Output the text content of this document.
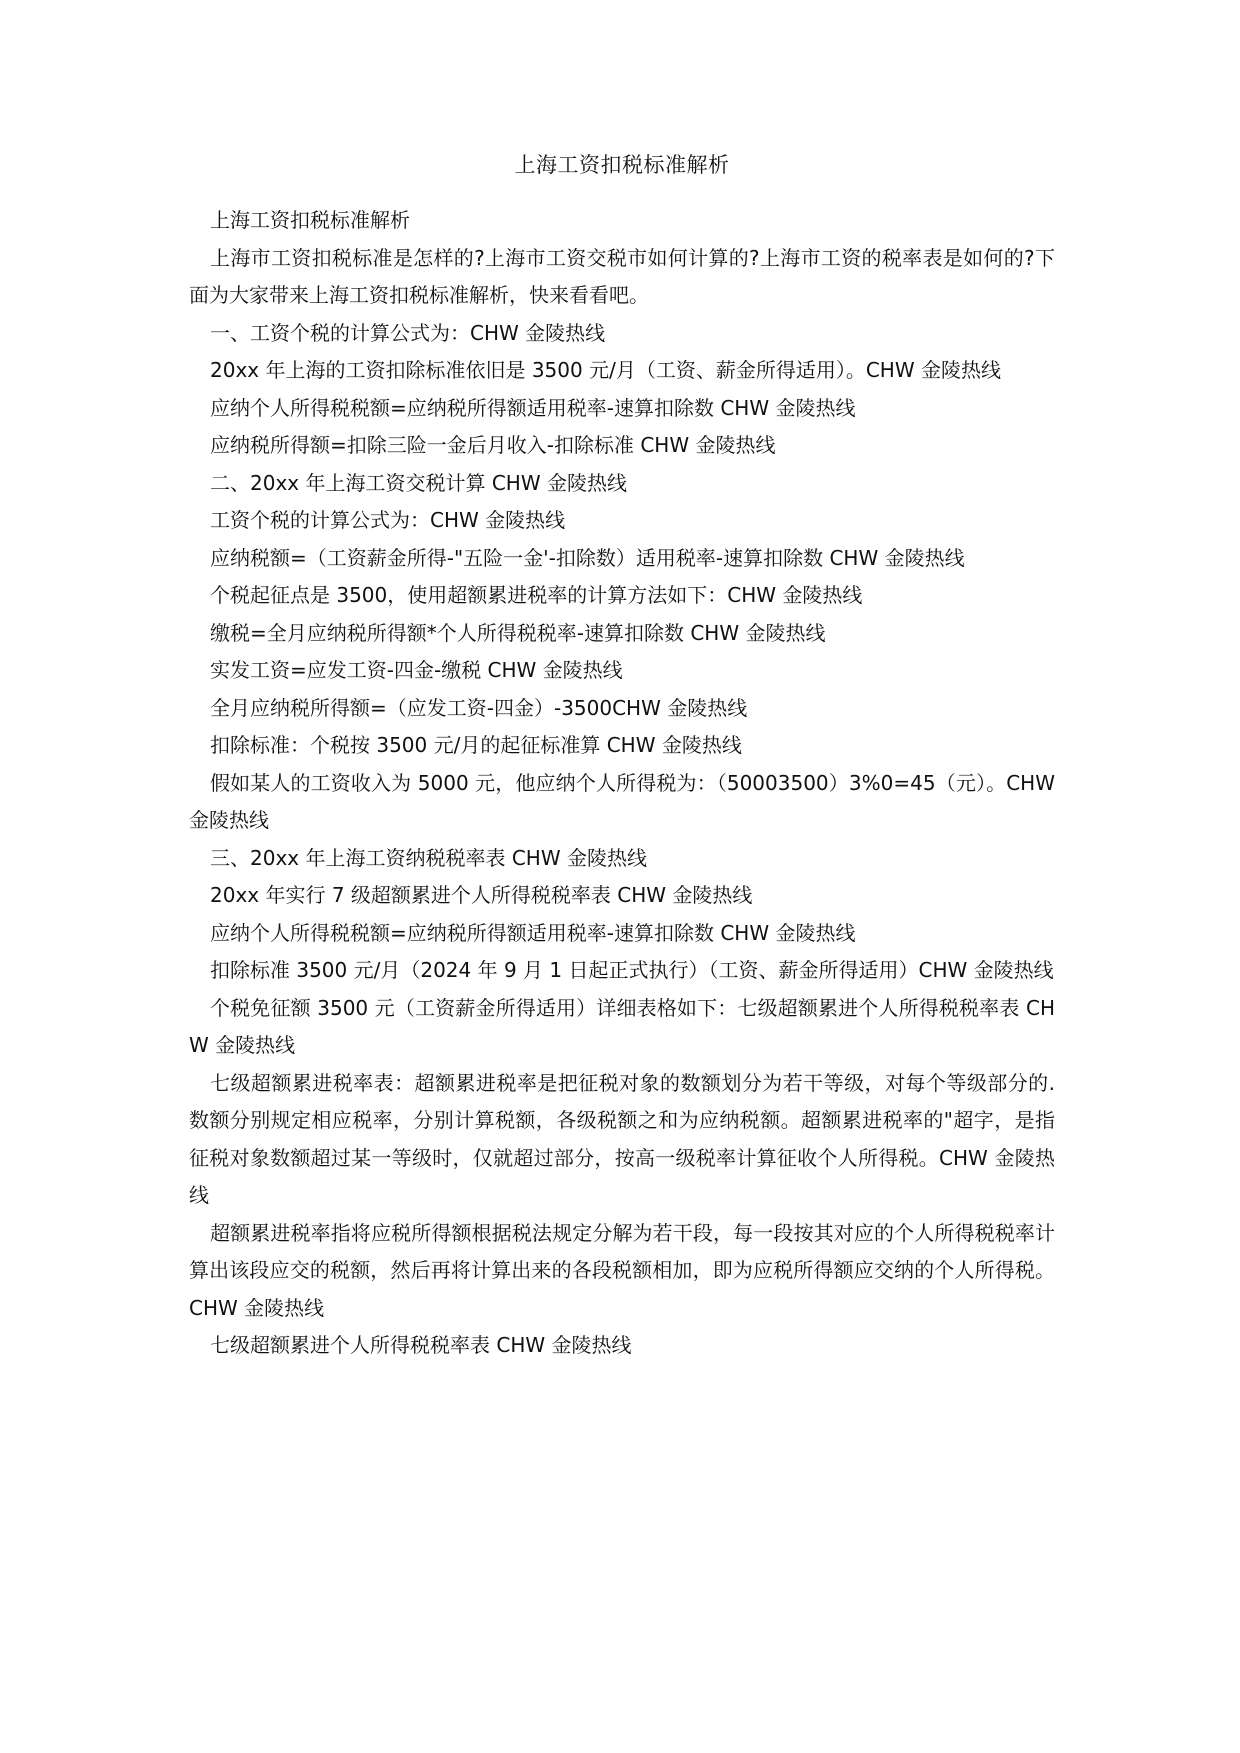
上海工资扣税标准解析

上海工资扣税标准解析

上海市工资扣税标准是怎样的?上海市工资交税市如何计算的?上海市工资的税率表是如何的?下面为大家带来上海工资扣税标准解析，快来看看吧。

一、工资个税的计算公式为：CHW 金陵热线

20xx 年上海的工资扣除标准依旧是 3500 元/月（工资、薪金所得适用）。CHW 金陵热线

应纳个人所得税税额=应纳税所得额适用税率-速算扣除数 CHW 金陵热线

应纳税所得额=扣除三险一金后月收入-扣除标准 CHW 金陵热线

二、20xx 年上海工资交税计算 CHW 金陵热线

工资个税的计算公式为：CHW 金陵热线

应纳税额=（工资薪金所得-"五险一金'-扣除数）适用税率-速算扣除数 CHW 金陵热线

个税起征点是 3500，使用超额累进税率的计算方法如下：CHW 金陵热线

缴税=全月应纳税所得额*个人所得税税率-速算扣除数 CHW 金陵热线

实发工资=应发工资-四金-缴税 CHW 金陵热线

全月应纳税所得额=（应发工资-四金）-3500CHW 金陵热线

扣除标准：个税按 3500 元/月的起征标准算 CHW 金陵热线

假如某人的工资收入为 5000 元，他应纳个人所得税为：（50003500）3%0=45（元）。CHW 金陵热线

三、20xx 年上海工资纳税税率表 CHW 金陵热线

20xx 年实行 7 级超额累进个人所得税税率表 CHW 金陵热线

应纳个人所得税税额=应纳税所得额适用税率-速算扣除数 CHW 金陵热线

扣除标准 3500 元/月（2024 年 9 月 1 日起正式执行）（工资、薪金所得适用）CHW 金陵热线

个税免征额 3500 元（工资薪金所得适用）详细表格如下：七级超额累进个人所得税税率表 CHW 金陵热线

七级超额累进税率表：超额累进税率是把征税对象的数额划分为若干等级，对每个等级部分的.数额分别规定相应税率，分别计算税额，各级税额之和为应纳税额。超额累进税率的"超字，是指征税对象数额超过某一等级时，仅就超过部分，按高一级税率计算征收个人所得税。CHW 金陵热线

超额累进税率指将应税所得额根据税法规定分解为若干段，每一段按其对应的个人所得税税率计算出该段应交的税额，然后再将计算出来的各段税额相加，即为应税所得额应交纳的个人所得税。CHW 金陵热线

七级超额累进个人所得税税率表 CHW 金陵热线
